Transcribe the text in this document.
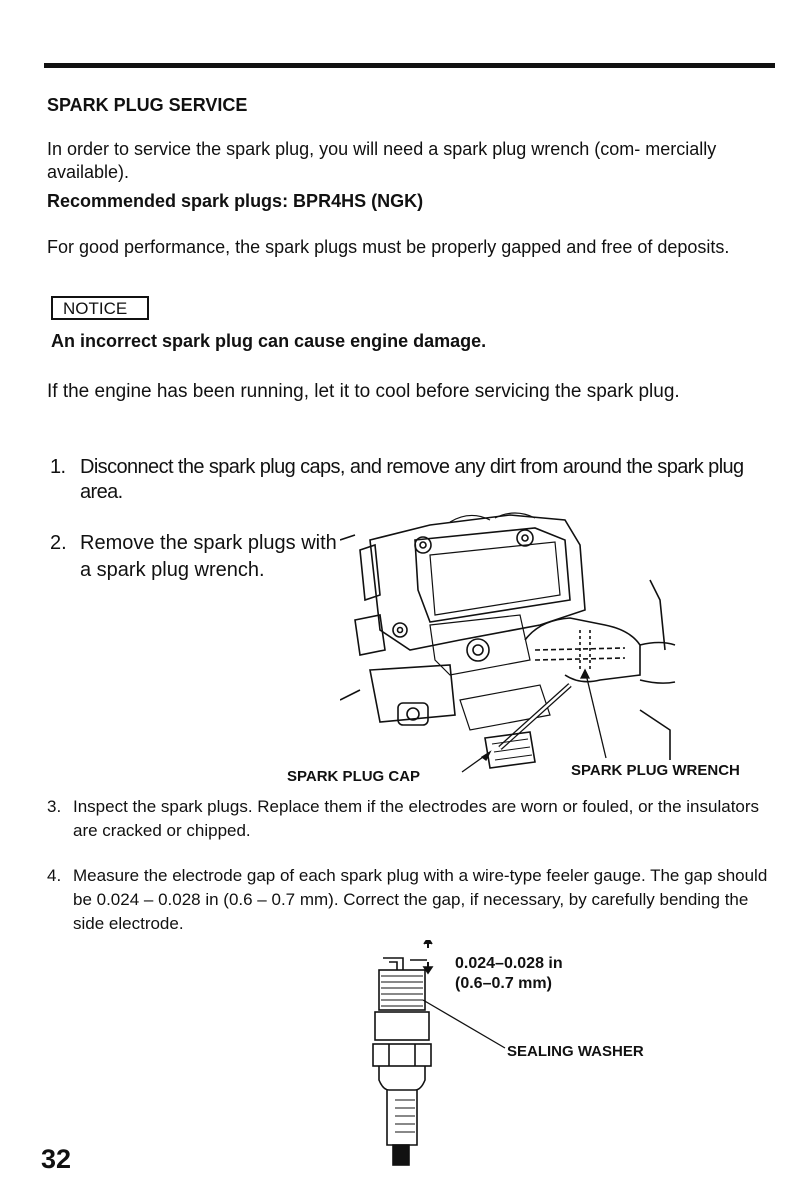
SPARK PLUG SERVICE

In order to service the spark plug, you will need a spark plug wrench (com- mercially available).

Recommended spark plugs: BPR4HS (NGK)

For good performance, the spark plugs must be properly gapped and free of deposits.

NOTICE

An incorrect spark plug can cause engine damage.

If the engine has been running, let it to cool before servicing the spark plug.

1. Disconnect the spark plug caps, and remove any dirt from around the spark plug area.
2. Remove the spark plugs with a spark plug wrench.

SPARK PLUG CAP	SPARK PLUG WRENCH

3. Inspect the spark plugs. Replace them if the electrodes are worn or fouled, or the insulators are cracked or chipped.
4. Measure the electrode gap of each spark plug with a wire-type feeler gauge. The gap should be 0.024 – 0.028 in (0.6 – 0.7 mm). Correct the gap, if necessary, by carefully bending the side electrode.

0.024–0.028 in
(0.6–0.7 mm)

SEALING WASHER

32
